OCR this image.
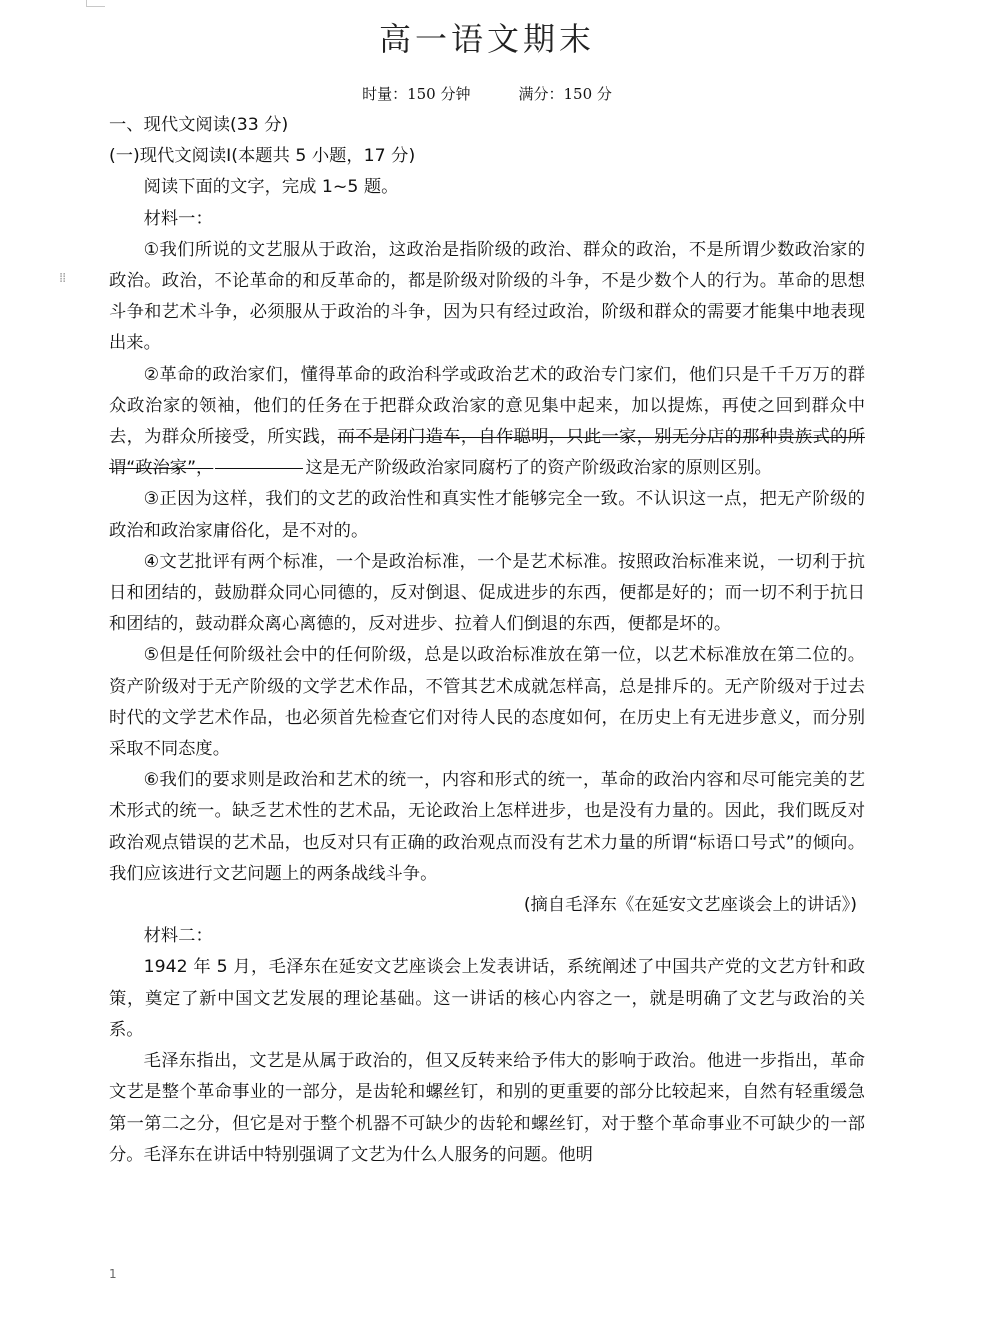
⁞⁞
高一语文期末
时量：150 分钟	满分：150 分

一、现代文阅读(33 分)

(一)现代文阅读Ⅰ(本题共 5 小题，17 分)

阅读下面的文字，完成 1~5 题。

材料一：

①我们所说的文艺服从于政治，这政治是指阶级的政治、群众的政治，不是所谓少数政治家的政治。政治，不论革命的和反革命的，都是阶级对阶级的斗争，不是少数个人的行为。革命的思想斗争和艺术斗争，必须服从于政治的斗争，因为只有经过政治，阶级和群众的需要才能集中地表现出来。

②革命的政治家们，懂得革命的政治科学或政治艺术的政治专门家们，他们只是千千万万的群众政治家的领袖，他们的任务在于把群众政治家的意见集中起来，加以提炼，再使之回到群众中去，为群众所接受，所实践，而不是闭门造车，自作聪明，只此一家，别无分店的那种贵族式的所谓“政治家”，	这是无产阶级政治家同腐朽了的资产阶级政治家的原则区别。

③正因为这样，我们的文艺的政治性和真实性才能够完全一致。不认识这一点，把无产阶级的政治和政治家庸俗化，是不对的。

④文艺批评有两个标准，一个是政治标准，一个是艺术标准。按照政治标准来说，一切利于抗日和团结的，鼓励群众同心同德的，反对倒退、促成进步的东西，便都是好的；而一切不利于抗日和团结的，鼓动群众离心离德的，反对进步、拉着人们倒退的东西，便都是坏的。

⑤但是任何阶级社会中的任何阶级，总是以政治标准放在第一位，以艺术标准放在第二位的。资产阶级对于无产阶级的文学艺术作品，不管其艺术成就怎样高，总是排斥的。无产阶级对于过去时代的文学艺术作品，也必须首先检查它们对待人民的态度如何，在历史上有无进步意义，而分别采取不同态度。

⑥我们的要求则是政治和艺术的统一，内容和形式的统一，革命的政治内容和尽可能完美的艺术形式的统一。缺乏艺术性的艺术品，无论政治上怎样进步，也是没有力量的。因此，我们既反对政治观点错误的艺术品，也反对只有正确的政治观点而没有艺术力量的所谓“标语口号式”的倾向。我们应该进行文艺问题上的两条战线斗争。

(摘自毛泽东《在延安文艺座谈会上的讲话》)

材料二：

1942 年 5 月，毛泽东在延安文艺座谈会上发表讲话，系统阐述了中国共产党的文艺方针和政策，奠定了新中国文艺发展的理论基础。这一讲话的核心内容之一，就是明确了文艺与政治的关系。

毛泽东指出，文艺是从属于政治的，但又反转来给予伟大的影响于政治。他进一步指出，革命文艺是整个革命事业的一部分，是齿轮和螺丝钉，和别的更重要的部分比较起来，自然有轻重缓急第一第二之分，但它是对于整个机器不可缺少的齿轮和螺丝钉，对于整个革命事业不可缺少的一部分。毛泽东在讲话中特别强调了文艺为什么人服务的问题。他明

1
